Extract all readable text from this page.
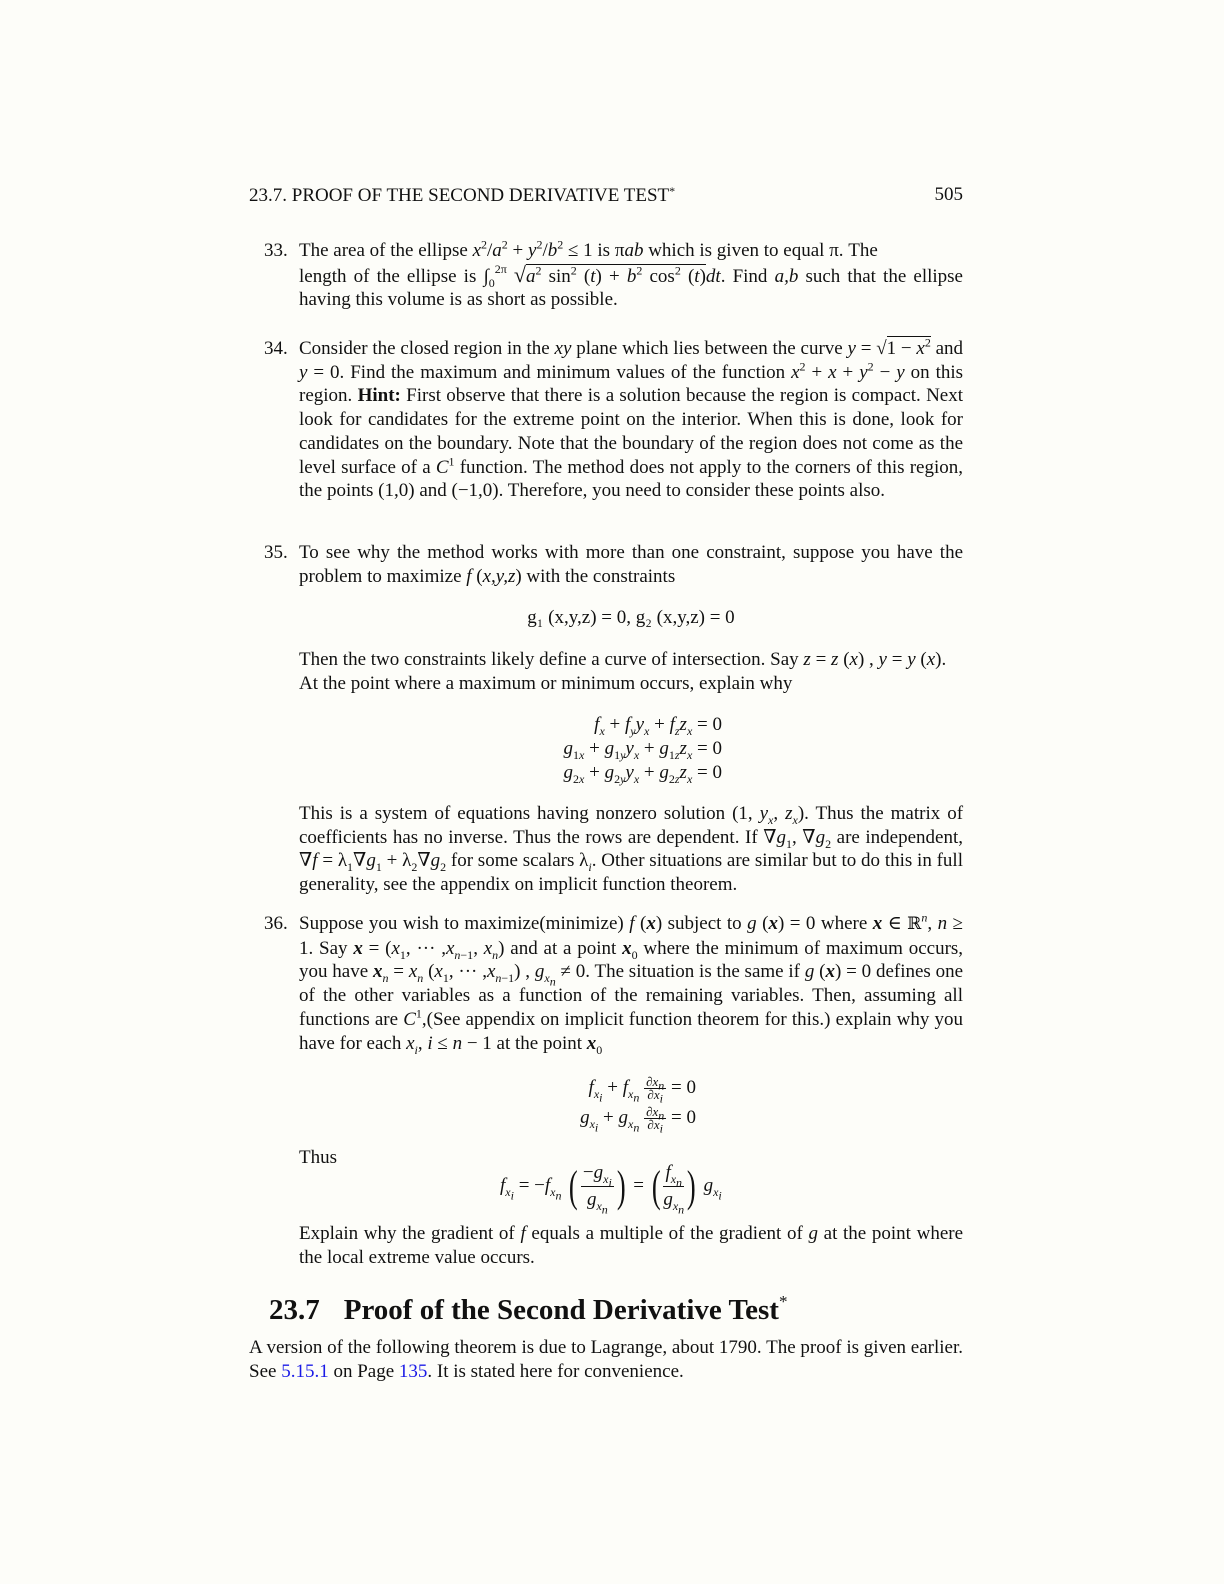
23.7. PROOF OF THE SECOND DERIVATIVE TEST*	505
33. The area of the ellipse $x^2/a^2 + y^2/b^2 \le 1$ is πab which is given to equal π. The
length of the ellipse is $\int_0^{2\pi}$ $√a^2$ $\sin^2 (t) + b^2$ $\cos^2 (t)dt$. Find a,b such that the ellipse having this volume is as short as possible.
34. Consider the closed region in the xy plane which lies between the curve $y = √1 - x^2$ and y = 0. Find the maximum and minimum values of the function $x^2 + x + y^2 - y$ on this region. Hint: First observe that there is a solution because the region is compact. Next look for candidates for the extreme point on the interior. When this is done, look for candidates on the boundary. Note that the boundary of the region does not come as the level surface of a $C^1$ function. The method does not apply to the corners of this region, the points (1,0) and (−1,0). Therefore, you need to consider these points also.
35. To see why the method works with more than one constraint, suppose you have the problem to maximize f (x,y,z) with the constraints
g₁ (x,y,z) = 0, g₂ (x,y,z) = 0
Then the two constraints likely define a curve of intersection. Say z = z (x) , y = y (x).
At the point where a maximum or minimum occurs, explain why
$f_x + f_yy_x + f_zz_x = 0$
$g_{1x} + g_{1y}y_x + g_{1z}z_x = 0$
$g_{2x} + g_{2y}y_x + g_{2z}z_x = 0$
This is a system of equations having nonzero solution (1, $y_x$, $z_x$). Thus the matrix of coefficients has no inverse. Thus the rows are dependent. If $\nabla g_1$, $\nabla g_2$ are independent, $\nabla f = \lambda_1\nabla g_1 + \lambda_2\nabla g_2$ for some scalars $\lambda_i$. Other situations are similar but to do this in full generality, see the appendix on implicit function theorem.
36. Suppose you wish to maximize(minimize) f (x) subject to g (x) = 0 where x ∈ ℝ$^n$, n ≥ 1. Say $x = (x_1$, ··· $,x_{n-1}$, $x_n$) and at a point $x_0$ where the minimum of maximum occurs, you have $x_n = x_n$ ($x_1$, ··· $,x_{n-1}$) , $g_{x_n} \ne 0$. The situation is the same if g (x) = 0 defines one of the other variables as a function of the remaining variables. Then, assuming all functions are $C^1,(See$ appendix on implicit function theorem for this.) explain why you have for each $x_i$, i ≤ n − 1 at the point $x_0$
$f_{x_i} + f_{x_n} \frac{\partial x_n}{\partial x_i} = 0$
$g_{x_i} + g_{x_n} \frac{\partial x_n}{\partial x_i} = 0$
Thus
$f_{x_i} = -f_{x_n}$ ( $\frac{-g_{x_i}}{g_{x_n}}$ ) = ( $\frac{f_{x_n}}{g_{x_n}}$ ) $g_{x_i}$
Explain why the gradient of f equals a multiple of the gradient of g at the point where the local extreme value occurs.
23.7 Proof of the Second Derivative Test*
A version of the following theorem is due to Lagrange, about 1790. The proof is given earlier. See 5.15.1 on Page 135. It is stated here for convenience.
